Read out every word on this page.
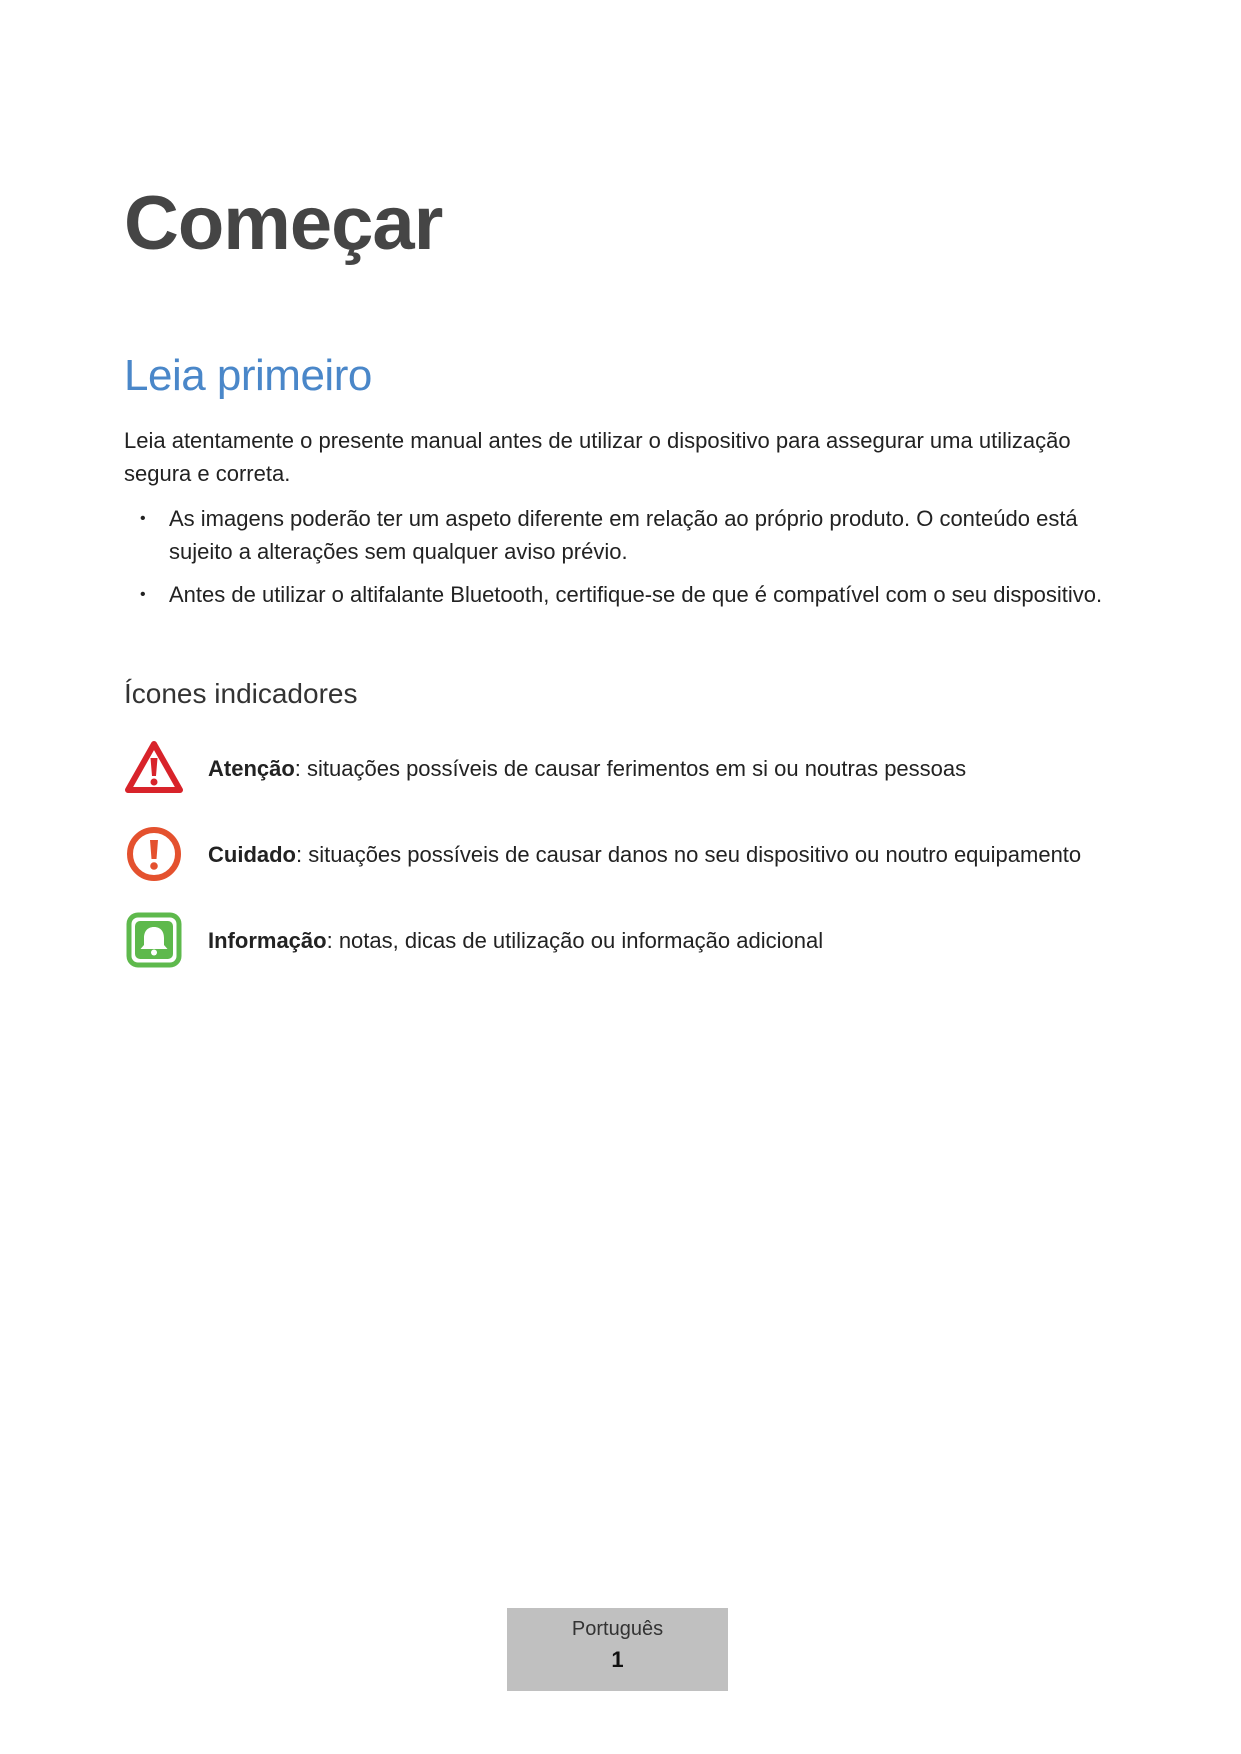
Começar
Leia primeiro

Leia atentamente o presente manual antes de utilizar o dispositivo para assegurar uma utilização segura e correta.

• As imagens poderão ter um aspeto diferente em relação ao próprio produto. O conteúdo está sujeito a alterações sem qualquer aviso prévio.
• Antes de utilizar o altifalante Bluetooth, certifique-se de que é compatível com o seu dispositivo.
Ícones indicadores
Atenção: situações possíveis de causar ferimentos em si ou noutras pessoas
Cuidado: situações possíveis de causar danos no seu dispositivo ou noutro equipamento
Informação: notas, dicas de utilização ou informação adicional
Português
1
